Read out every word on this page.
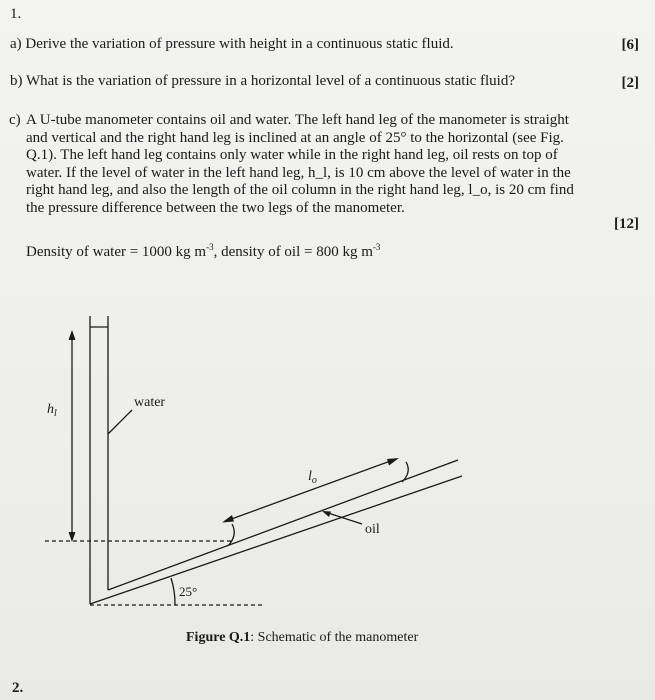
1.
a) Derive the variation of pressure with height in a continuous static fluid.	[6]
b) What is the variation of pressure in a horizontal level of a continuous static fluid?	[2]
c) A U-tube manometer contains oil and water. The left hand leg of the manometer is straight
and vertical and the right hand leg is inclined at an angle of 25° to the horizontal (see Fig.
Q.1). The left hand leg contains only water while in the right hand leg, oil rests on top of
water. If the level of water in the left hand leg, h_l, is 10 cm above the level of water in the
right hand leg, and also the length of the oil column in the right hand leg, l_o, is 20 cm find
the pressure difference between the two legs of the manometer.
[12]
Density of water = 1000 kg $m^{-3}$, density of oil = 800 kg $m^{-3}$
water
$h_l$
$l_o$
oil
25°
Figure Q.1: Schematic of the manometer
2.
